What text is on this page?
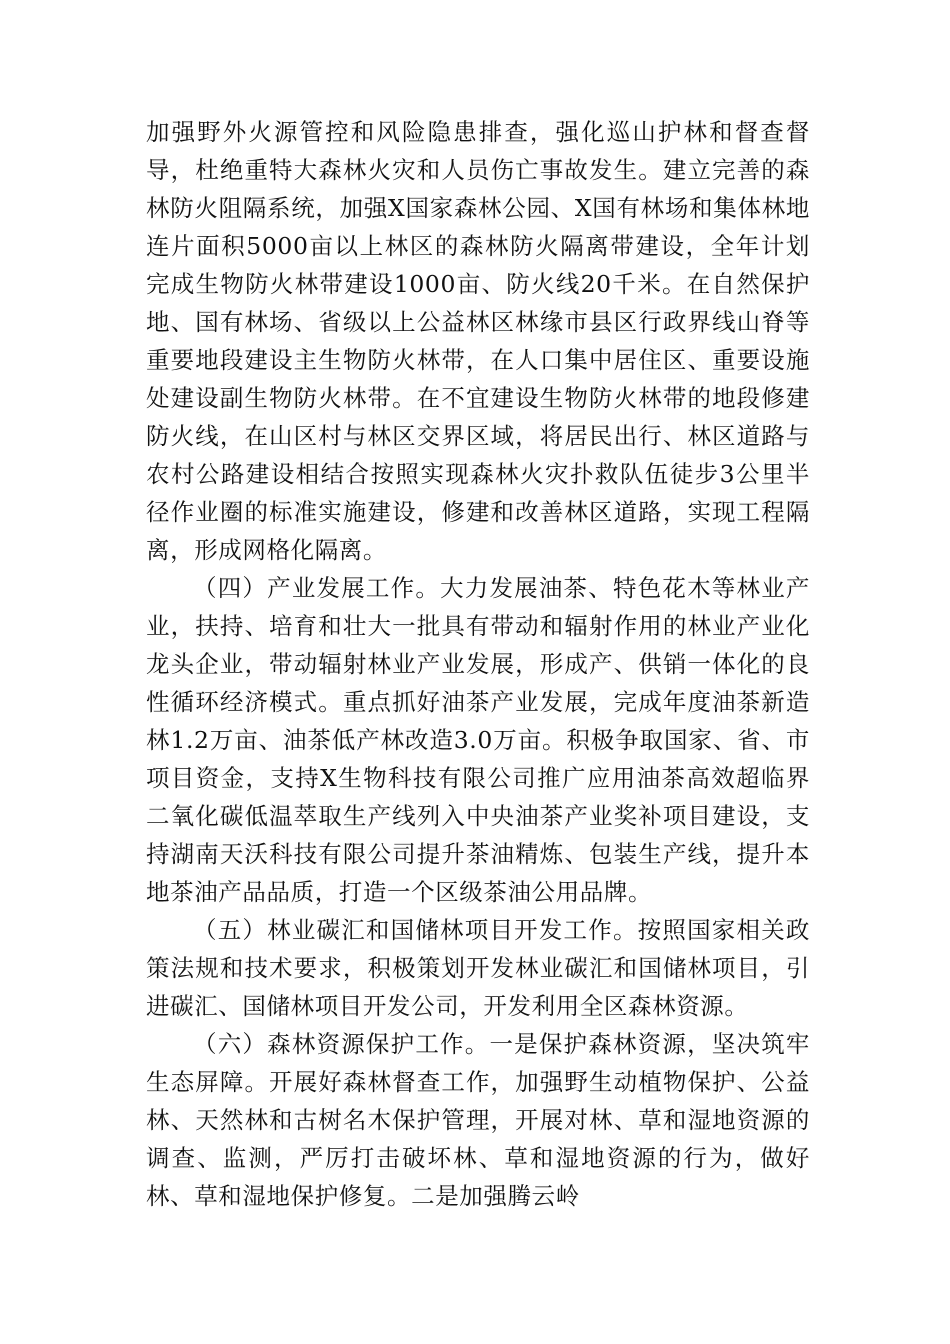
加强野外火源管控和风险隐患排查，强化巡山护林和督查督导，杜绝重特大森林火灾和人员伤亡事故发生。建立完善的森林防火阻隔系统，加强X国家森林公园、X国有林场和集体林地连片面积5000亩以上林区的森林防火隔离带建设，全年计划完成生物防火林带建设1000亩、防火线20千米。在自然保护地、国有林场、省级以上公益林区林缘市县区行政界线山脊等重要地段建设主生物防火林带，在人口集中居住区、重要设施处建设副生物防火林带。在不宜建设生物防火林带的地段修建防火线，在山区村与林区交界区域，将居民出行、林区道路与农村公路建设相结合按照实现森林火灾扑救队伍徒步3公里半径作业圈的标准实施建设，修建和改善林区道路，实现工程隔离，形成网格化隔离。

（四）产业发展工作。大力发展油茶、特色花木等林业产业，扶持、培育和壮大一批具有带动和辐射作用的林业产业化龙头企业，带动辐射林业产业发展，形成产、供销一体化的良性循环经济模式。重点抓好油茶产业发展，完成年度油茶新造林1.2万亩、油茶低产林改造3.0万亩。积极争取国家、省、市项目资金，支持X生物科技有限公司推广应用油茶高效超临界二氧化碳低温萃取生产线列入中央油茶产业奖补项目建设，支持湖南天沃科技有限公司提升茶油精炼、包装生产线，提升本地茶油产品品质，打造一个区级茶油公用品牌。

（五）林业碳汇和国储林项目开发工作。按照国家相关政策法规和技术要求，积极策划开发林业碳汇和国储林项目，引进碳汇、国储林项目开发公司，开发利用全区森林资源。

（六）森林资源保护工作。一是保护森林资源，坚决筑牢生态屏障。开展好森林督查工作，加强野生动植物保护、公益林、天然林和古树名木保护管理，开展对林、草和湿地资源的调查、监测，严厉打击破坏林、草和湿地资源的行为，做好林、草和湿地保护修复。二是加强腾云岭
